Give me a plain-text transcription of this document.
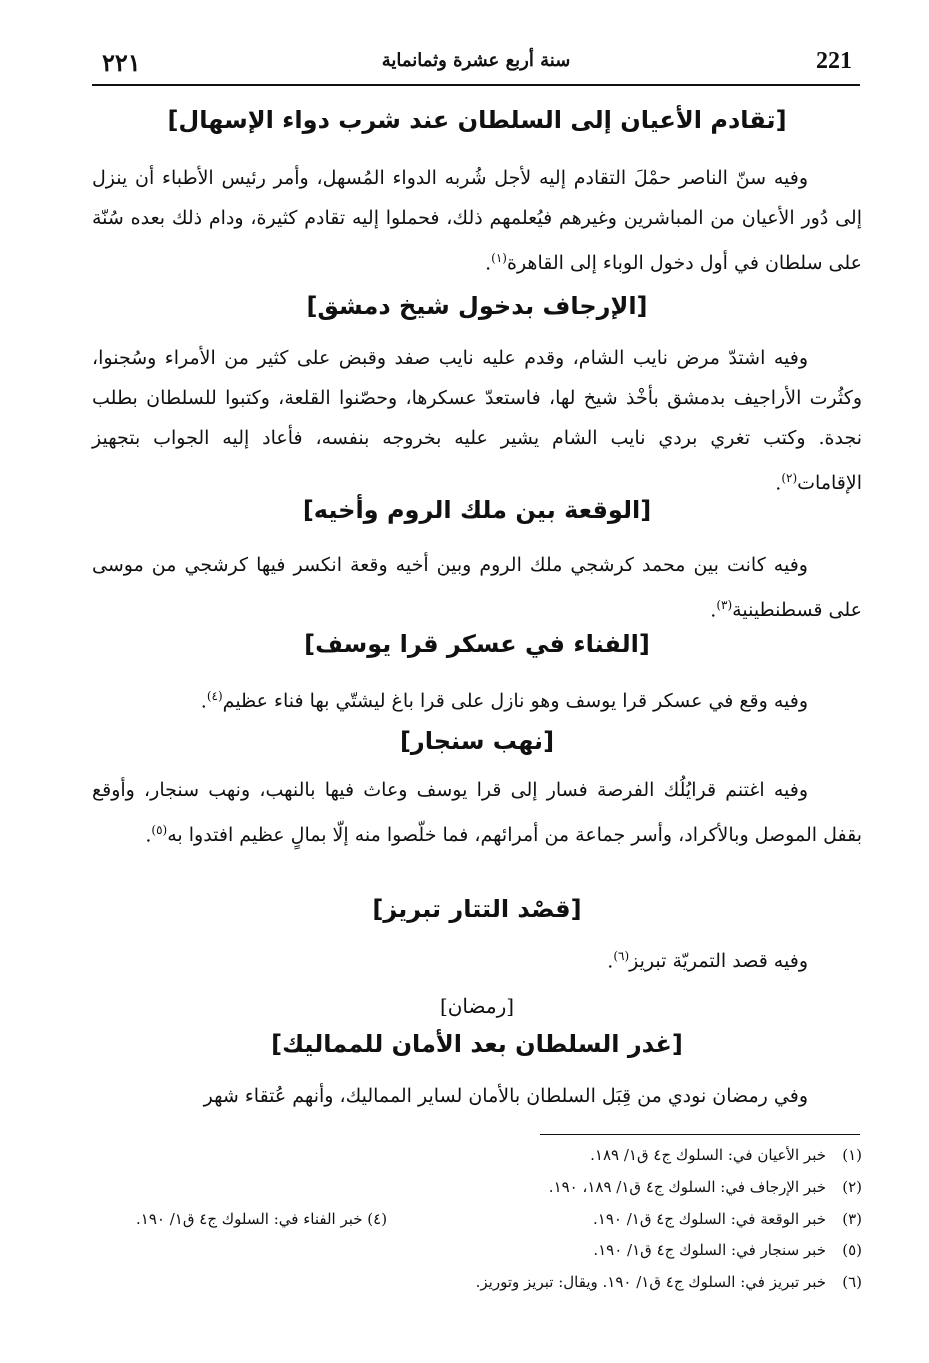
221
سنة أربع عشرة وثمانماية
٢٢١
[تقادم الأعيان إلى السلطان عند شرب دواء الإسهال]
وفيه سنّ الناصر حمْلَ التقادم إليه لأجل شُربه الدواء المُسهل، وأمر رئيس الأطباء أن ينزل إلى دُور الأعيان من المباشرين وغيرهم فيُعلمهم ذلك، فحملوا إليه تقادم كثيرة، ودام ذلك بعده سُنّة على سلطان في أول دخول الوباء إلى القاهرة$^{(١)}$.
[الإرجاف بدخول شيخ دمشق]
وفيه اشتدّ مرض نايب الشام، وقدم عليه نايب صفد وقبض على كثير من الأمراء وسُجنوا، وكثُرت الأراجيف بدمشق بأخْذ شيخ لها، فاستعدّ عسكرها، وحصّنوا القلعة، وكتبوا للسلطان بطلب نجدة. وكتب تغري بردي نايب الشام يشير عليه بخروجه بنفسه، فأعاد إليه الجواب بتجهيز الإقامات$^{(٢)}$.
[الوقعة بين ملك الروم وأخيه]
وفيه كانت بين محمد كرشجي ملك الروم وبين أخيه وقعة انكسر فيها كرشجي من موسى على قسطنطينية$^{(٣)}$.
[الفناء في عسكر قرا يوسف]
وفيه وقع في عسكر قرا يوسف وهو نازل على قرا باغ ليشتّي بها فناء عظيم$^{(٤)}$.
[نهب سنجار]
وفيه اغتنم قرايُلُك الفرصة فسار إلى قرا يوسف وعاث فيها بالنهب، ونهب سنجار، وأوقع بقفل الموصل وبالأكراد، وأسر جماعة من أمرائهم، فما خلّصوا منه إلّا بمالٍ عظيم افتدوا به$^{(٥)}$.
[قصْد التتار تبريز]
وفيه قصد التمريّة تبريز$^{(٦)}$.
[رمضان]
[غدر السلطان بعد الأمان للمماليك]
وفي رمضان نودي من قِبَل السلطان بالأمان لساير المماليك، وأنهم عُتقاء شهر
(١)خبر الأعيان في: السلوك ج٤ ق١/ ١٨٩.
(٢)خبر الإرجاف في: السلوك ج٤ ق١/ ١٨٩، ١٩٠.
(٣)خبر الوقعة في: السلوك ج٤ ق١/ ١٩٠.
(٤) خبر الفناء في: السلوك ج٤ ق١/ ١٩٠.
(٥)خبر سنجار في: السلوك ج٤ ق١/ ١٩٠.
(٦)خبر تبريز في: السلوك ج٤ ق١/ ١٩٠. ويقال: تبريز وتوريز.
